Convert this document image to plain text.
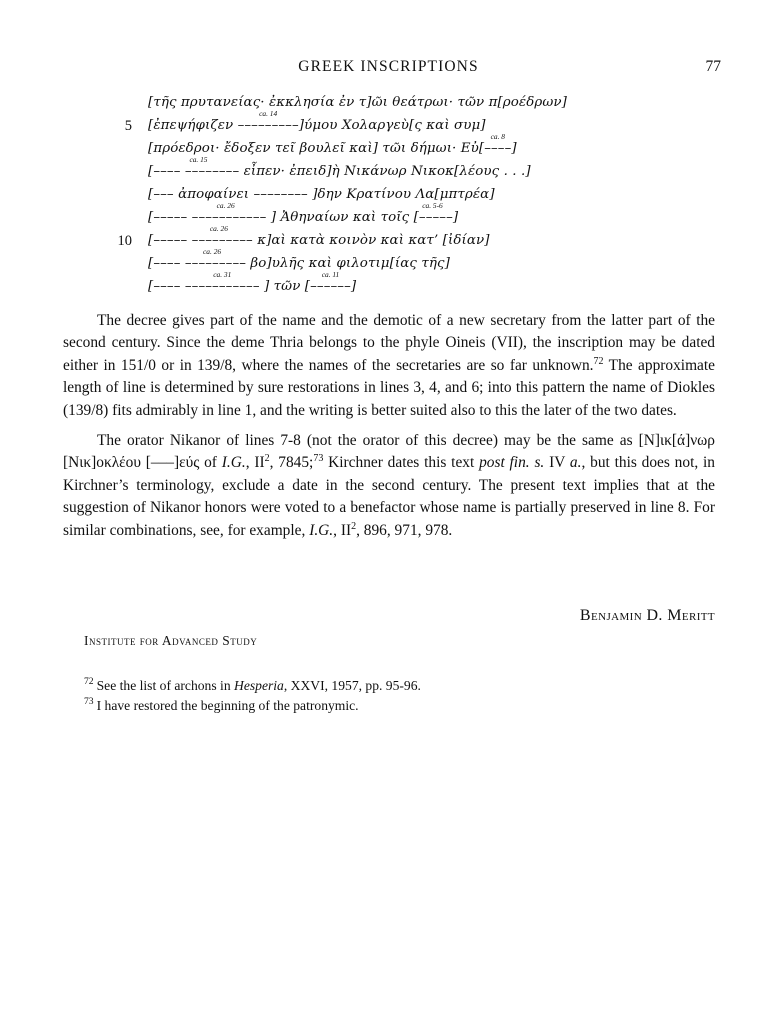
GREEK INSCRIPTIONS	77
[τῆς πρυτανείας· ἐκκλησία ἐν τ]ῶι θεάτρωι· τῶν π[ροέδρων]
5 [ἐπεψήφιζεν
ca. 14
–––––––––]ύμου Χολαργεὺ[ς καὶ συμ]
[πρόεδροι· ἔδοξεν τεῖ βουλεῖ καὶ] τῶι δήμωι· Εὐ[–
ca. 8
–––]
[––––
ca. 15
–––––––– εἶπεν· ἐπειδ]ὴ Νικάνωρ Νικοκ[λέους . . .]
[––– ἀποφαίνει –––––––– ]δην Κρατίνου Λα[μπτρέα]
[–––––
ca. 26
––––––––––– ] Ἀθηναίων καὶ τοῖς [
ca. 5-6
–––––]
10 [–––––
ca. 26
––––––––– κ]αὶ κατὰ κοινὸν καὶ κατ’ [ἰδίαν]
[––––
ca. 26
––––––––– βο]υλῆς καὶ φιλοτιμ[ίας τῆς]
[––––
ca. 31
––––––––––– ] τῶν [––
ca. 11
––––]

The decree gives part of the name and the demotic of a new secretary from the latter part of the second century. Since the deme Thria belongs to the phyle Oineis (VII), the inscription may be dated either in 151/0 or in 139/8, where the names of the secretaries are so far unknown.$^{72}$ The approximate length of line is determined by sure restorations in lines 3, 4, and 6; into this pattern the name of Diokles (139/8) fits admirably in line 1, and the writing is better suited also to this the later of the two dates.

The orator Nikanor of lines 7-8 (not the orator of this decree) may be the same as [N]ικ[ά]νωρ [Νικ]οκλέου [–––]εύς of I.G., $II^2$, 7845;$^{73}$ Kirchner dates this text post fin. s. IV a., but this does not, in Kirchner’s terminology, exclude a date in the second century. The present text implies that at the suggestion of Nikanor honors were voted to a benefactor whose name is partially preserved in line 8. For similar combinations, see, for example, I.G., $II^2$, 896, 971, 978.

Benjamin D. Meritt
Institute for Advanced Study
$^{72}$ See the list of archons in Hesperia, XXVI, 1957, pp. 95-96.
$^{73}$ I have restored the beginning of the patronymic.
